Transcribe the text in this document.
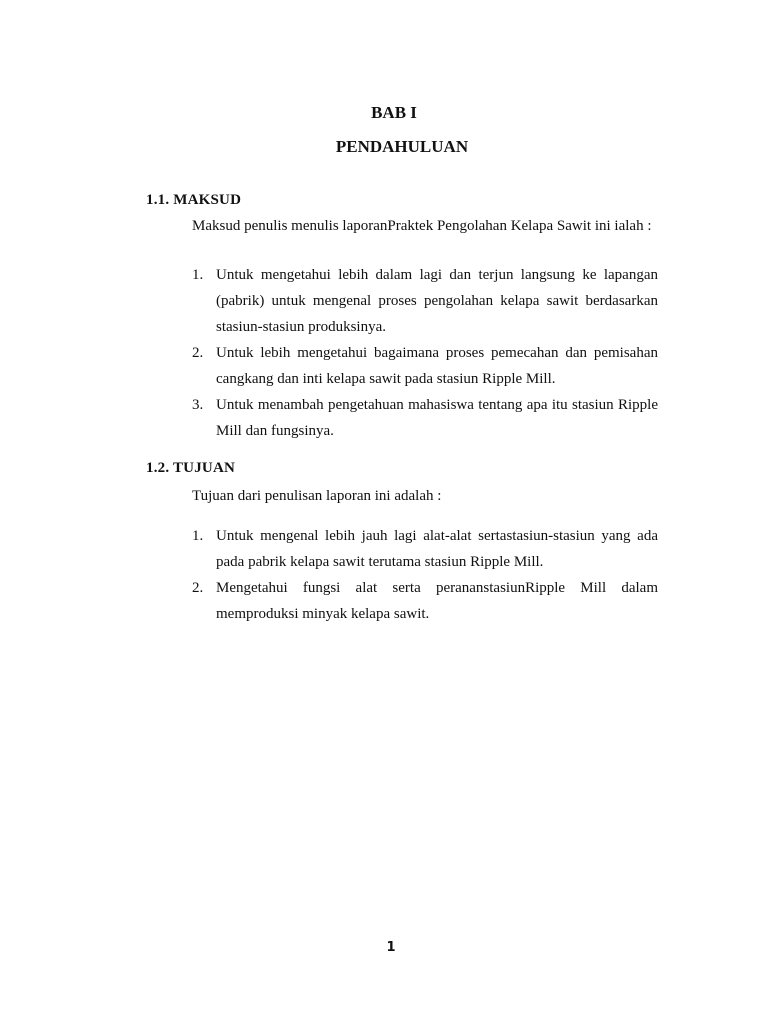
BAB I
PENDAHULUAN
1.1. MAKSUD

Maksud penulis menulis laporanPraktek Pengolahan Kelapa Sawit ini ialah :

1. Untuk mengetahui lebih dalam lagi dan terjun langsung ke lapangan (pabrik) untuk mengenal proses pengolahan kelapa sawit berdasarkan stasiun-stasiun produksinya.
2. Untuk lebih mengetahui bagaimana proses pemecahan dan pemisahan cangkang dan inti kelapa sawit pada stasiun Ripple Mill.
3. Untuk menambah pengetahuan mahasiswa tentang apa itu stasiun Ripple Mill dan fungsinya.
1.2. TUJUAN

Tujuan dari penulisan laporan ini adalah :

1. Untuk mengenal lebih jauh lagi alat-alat sertastasiun-stasiun yang ada pada pabrik kelapa sawit terutama stasiun Ripple Mill.
2. Mengetahui fungsi alat serta perananstasiunRipple Mill dalam memproduksi minyak kelapa sawit.
1
